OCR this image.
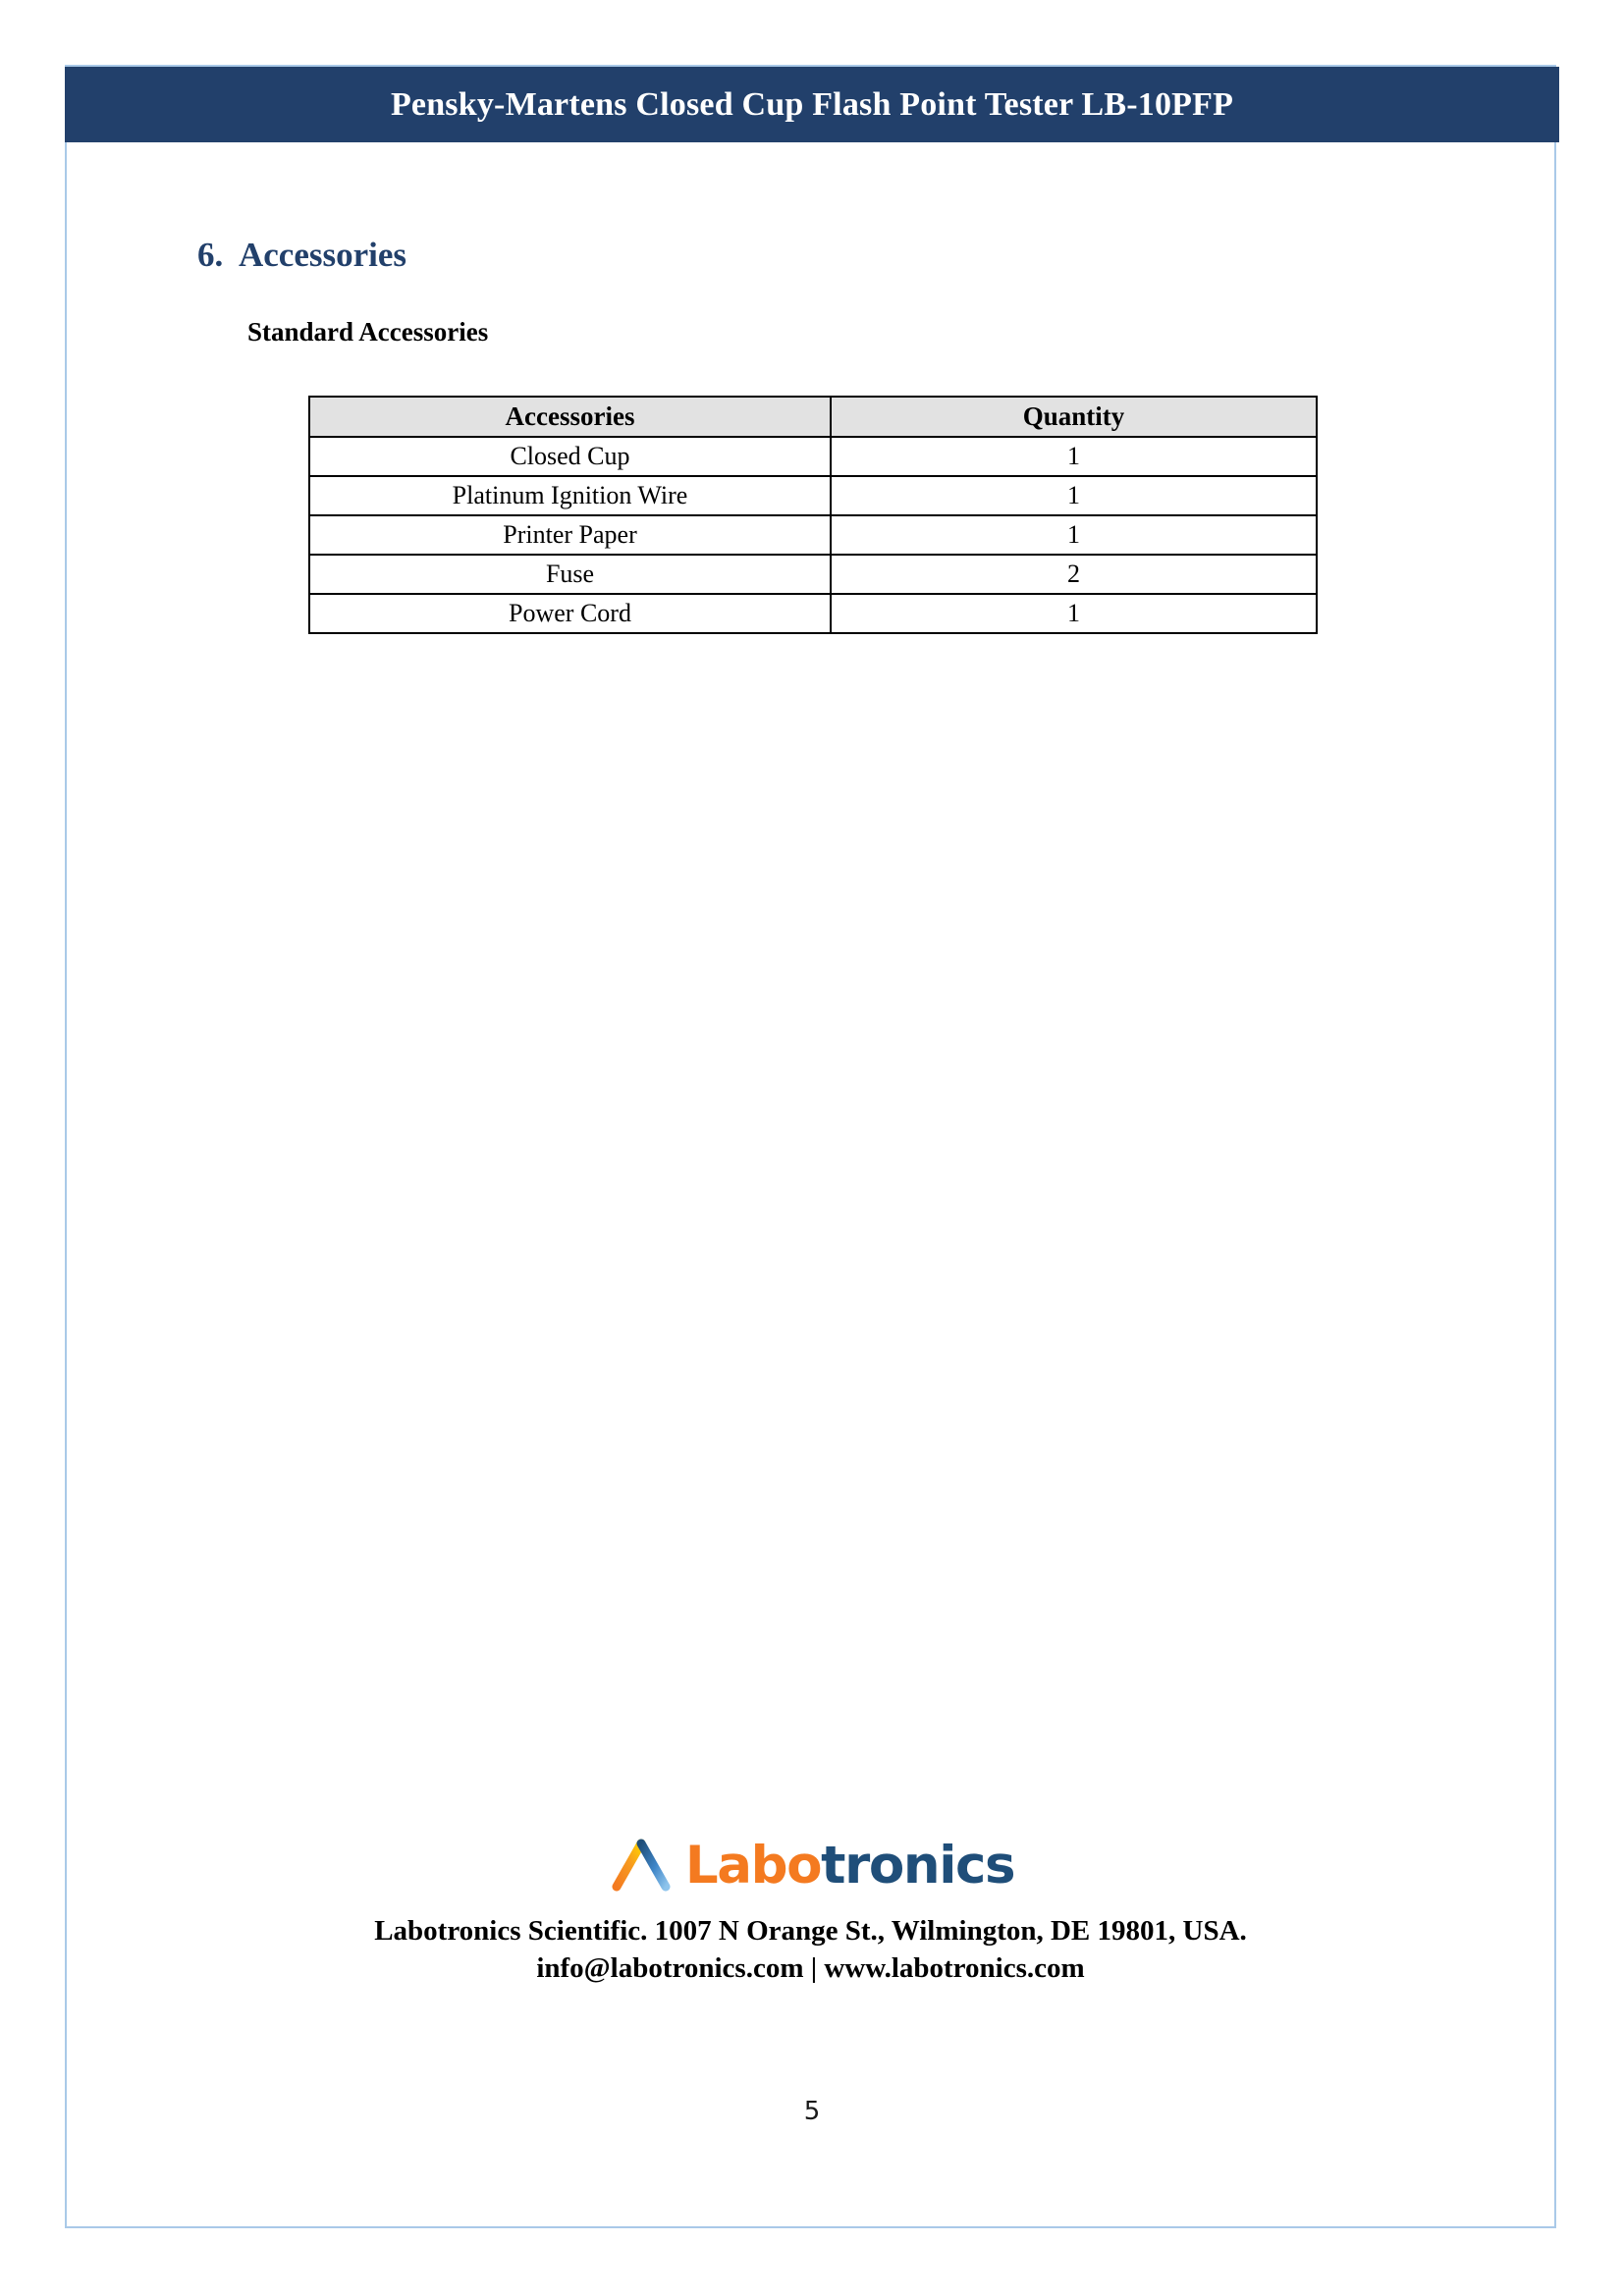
Pensky-Martens Closed Cup Flash Point Tester LB-10PFP
6. Accessories
Standard Accessories
Accessories	Quantity
Closed Cup	1
Platinum Ignition Wire	1
Printer Paper	1
Fuse	2
Power Cord	1
Labotronics
Labotronics Scientific. 1007 N Orange St., Wilmington, DE 19801, USA.
info@labotronics.com | www.labotronics.com
5
